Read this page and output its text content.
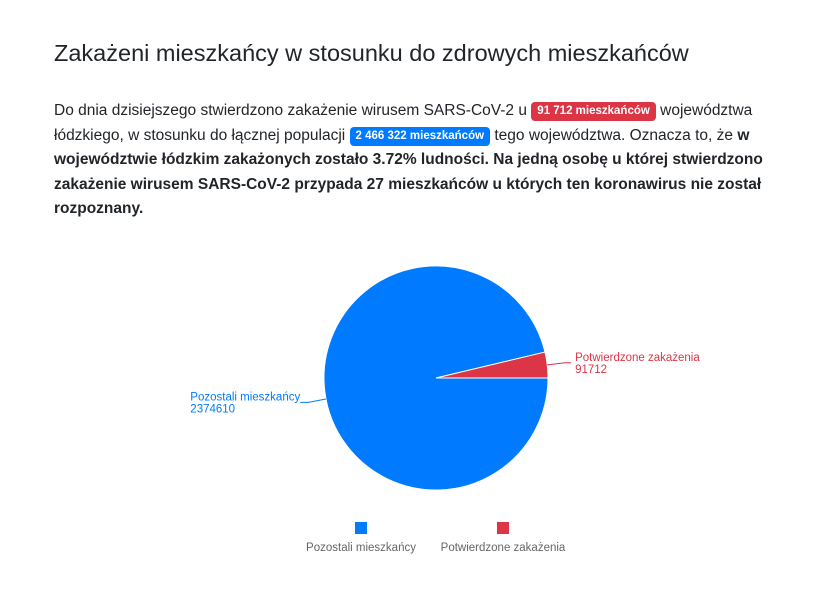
Zakażeni mieszkańcy w stosunku do zdrowych mieszkańców

Do dnia dzisiejszego stwierdzono zakażenie wirusem SARS-CoV-2 u 91 712 mieszkańców województwa łódzkiego, w stosunku do łącznej populacji 2 466 322 mieszkańców tego województwa. Oznacza to, że w województwie łódzkim zakażonych zostało 3.72% ludności. Na jedną osobę u której stwierdzono zakażenie wirusem SARS-CoV-2 przypada 27 mieszkańców u których ten koronawirus nie został rozpoznany.

Pozostali mieszkańcy
2374610
Potwierdzone zakażenia
91712
Pozostali mieszkańcy Potwierdzone zakażenia
